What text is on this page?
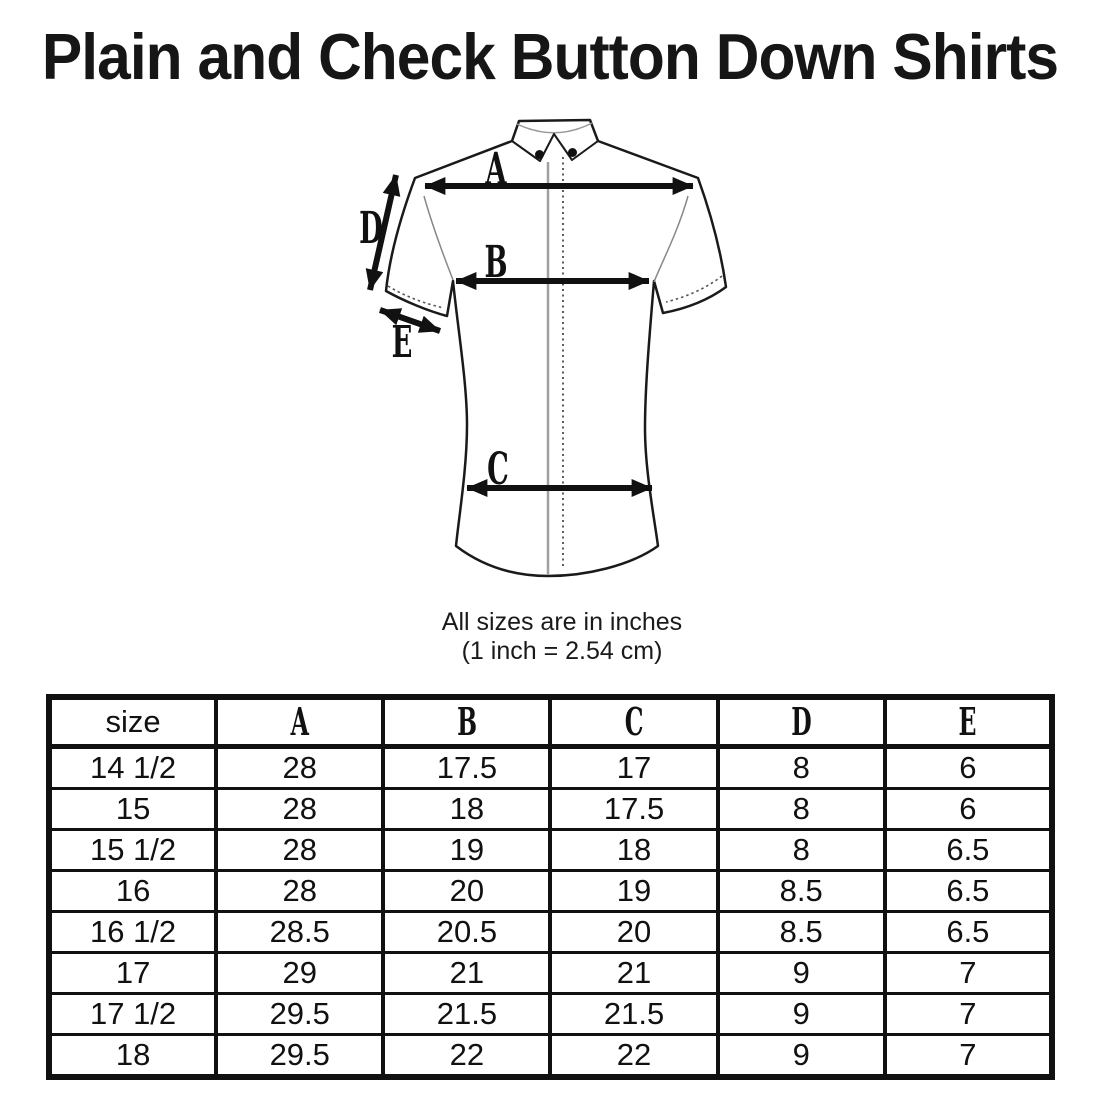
Plain and Check Button Down Shirts
A
B
C
D
E
All sizes are in inches
(1 inch = 2.54 cm)
size	A	B	C	D	E
14 1/2	28	17.5	17	8	6
15	28	18	17.5	8	6
15 1/2	28	19	18	8	6.5
16	28	20	19	8.5	6.5
16 1/2	28.5	20.5	20	8.5	6.5
17	29	21	21	9	7
17 1/2	29.5	21.5	21.5	9	7
18	29.5	22	22	9	7
